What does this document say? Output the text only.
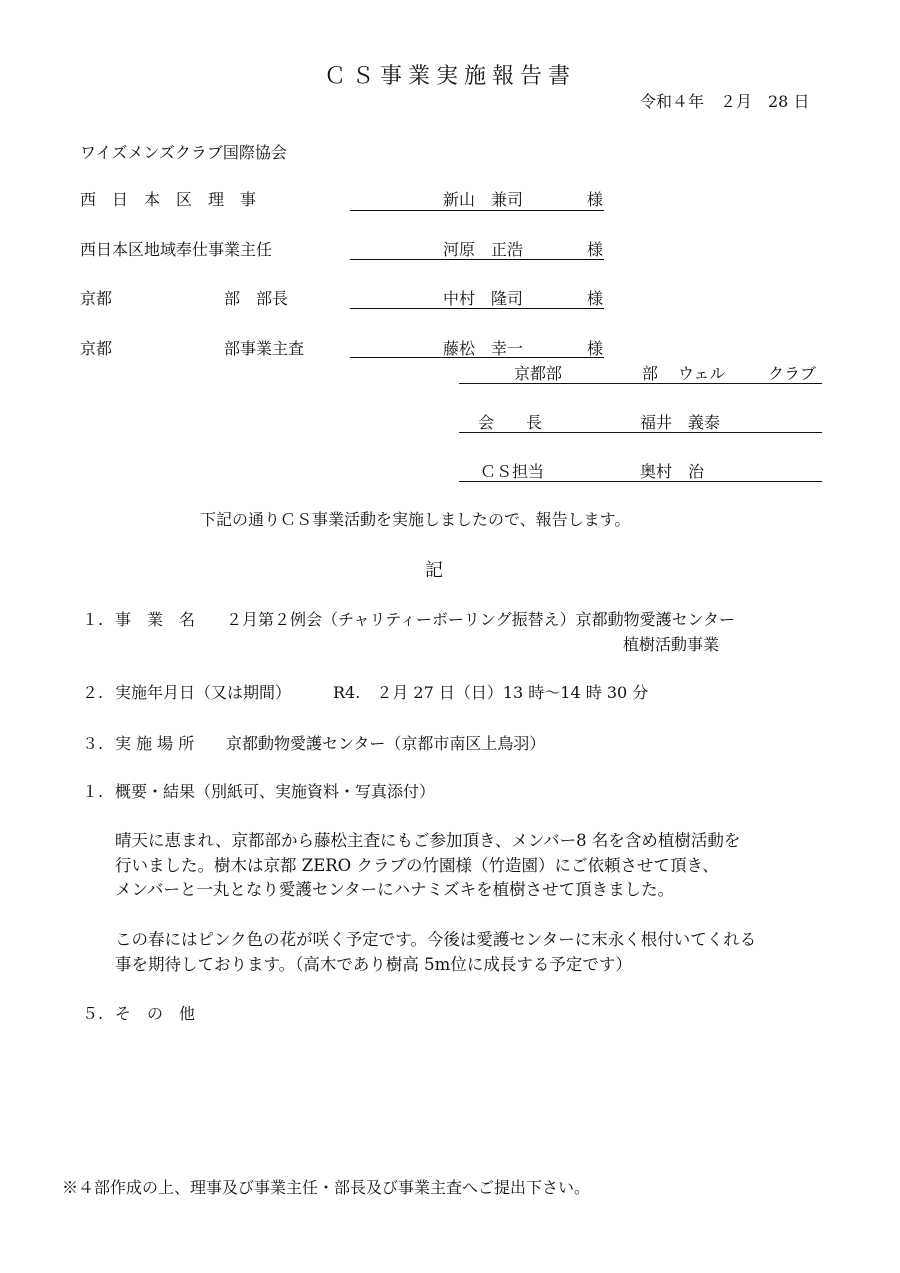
ＣＳ事業実施報告書
令和４年　２月　28 日
ワイズメンズクラブ国際協会
西　日　本　区　理　事	新山　兼司	様
西日本区地域奉仕事業主任	河原　正浩	様
京都	部　部長	中村　隆司	様
京都	部事業主査	藤松　幸一	様
京都部	部 ウェル	クラブ
会　　長	福井　義泰
ＣＳ担当	奥村　治
下記の通りＣＳ事業活動を実施しましたので、報告します。
記
１. 事　業　名 ２月第２例会（チャリティーボーリング振替え）京都動物愛護センター
植樹活動事業
２. 実施年月日（又は期間）	R4.　２月 27 日（日）13 時～14 時 30 分
３. 実 施 場 所 京都動物愛護センター（京都市南区上鳥羽）
１. 概要・結果（別紙可、実施資料・写真添付）
晴天に恵まれ、京都部から藤松主査にもご参加頂き、メンバー8 名を含め植樹活動を
行いました。樹木は京都 ZERO クラブの竹園様（竹造園）にご依頼させて頂き、
メンバーと一丸となり愛護センターにハナミズキを植樹させて頂きました。
この春にはピンク色の花が咲く予定です。今後は愛護センターに末永く根付いてくれる
事を期待しております。（高木であり樹高 5m位に成長する予定です）
５. そ　の　他
※４部作成の上、理事及び事業主任・部長及び事業主査へご提出下さい。
